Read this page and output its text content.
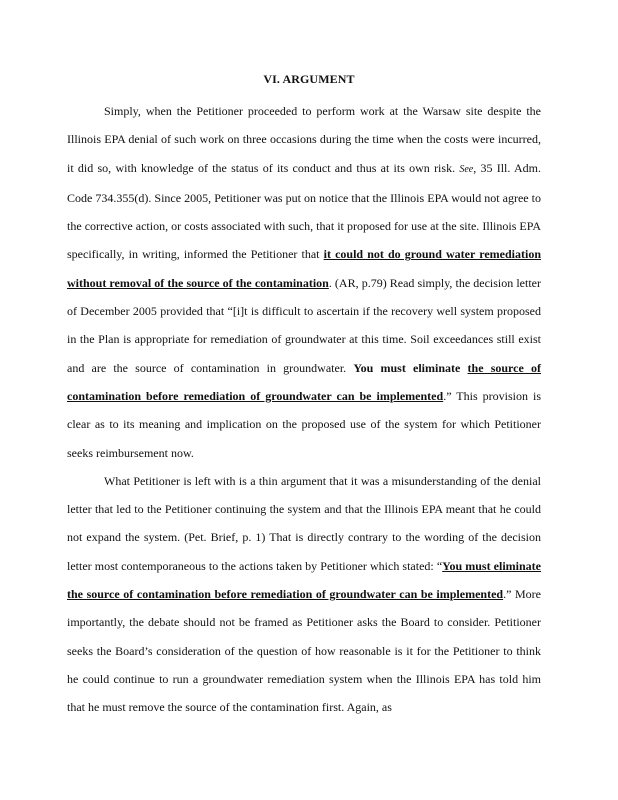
VI. ARGUMENT

Simply, when the Petitioner proceeded to perform work at the Warsaw site despite the Illinois EPA denial of such work on three occasions during the time when the costs were incurred, it did so, with knowledge of the status of its conduct and thus at its own risk. See, 35 Ill. Adm. Code 734.355(d). Since 2005, Petitioner was put on notice that the Illinois EPA would not agree to the corrective action, or costs associated with such, that it proposed for use at the site. Illinois EPA specifically, in writing, informed the Petitioner that it could not do ground water remediation without removal of the source of the contamination. (AR, p.79) Read simply, the decision letter of December 2005 provided that “[i]t is difficult to ascertain if the recovery well system proposed in the Plan is appropriate for remediation of groundwater at this time. Soil exceedances still exist and are the source of contamination in groundwater. You must eliminate the source of contamination before remediation of groundwater can be implemented.” This provision is clear as to its meaning and implication on the proposed use of the system for which Petitioner seeks reimbursement now.

What Petitioner is left with is a thin argument that it was a misunderstanding of the denial letter that led to the Petitioner continuing the system and that the Illinois EPA meant that he could not expand the system. (Pet. Brief, p. 1) That is directly contrary to the wording of the decision letter most contemporaneous to the actions taken by Petitioner which stated: “You must eliminate the source of contamination before remediation of groundwater can be implemented.” More importantly, the debate should not be framed as Petitioner asks the Board to consider. Petitioner seeks the Board’s consideration of the question of how reasonable is it for the Petitioner to think he could continue to run a groundwater remediation system when the Illinois EPA has told him that he must remove the source of the contamination first. Again, as
